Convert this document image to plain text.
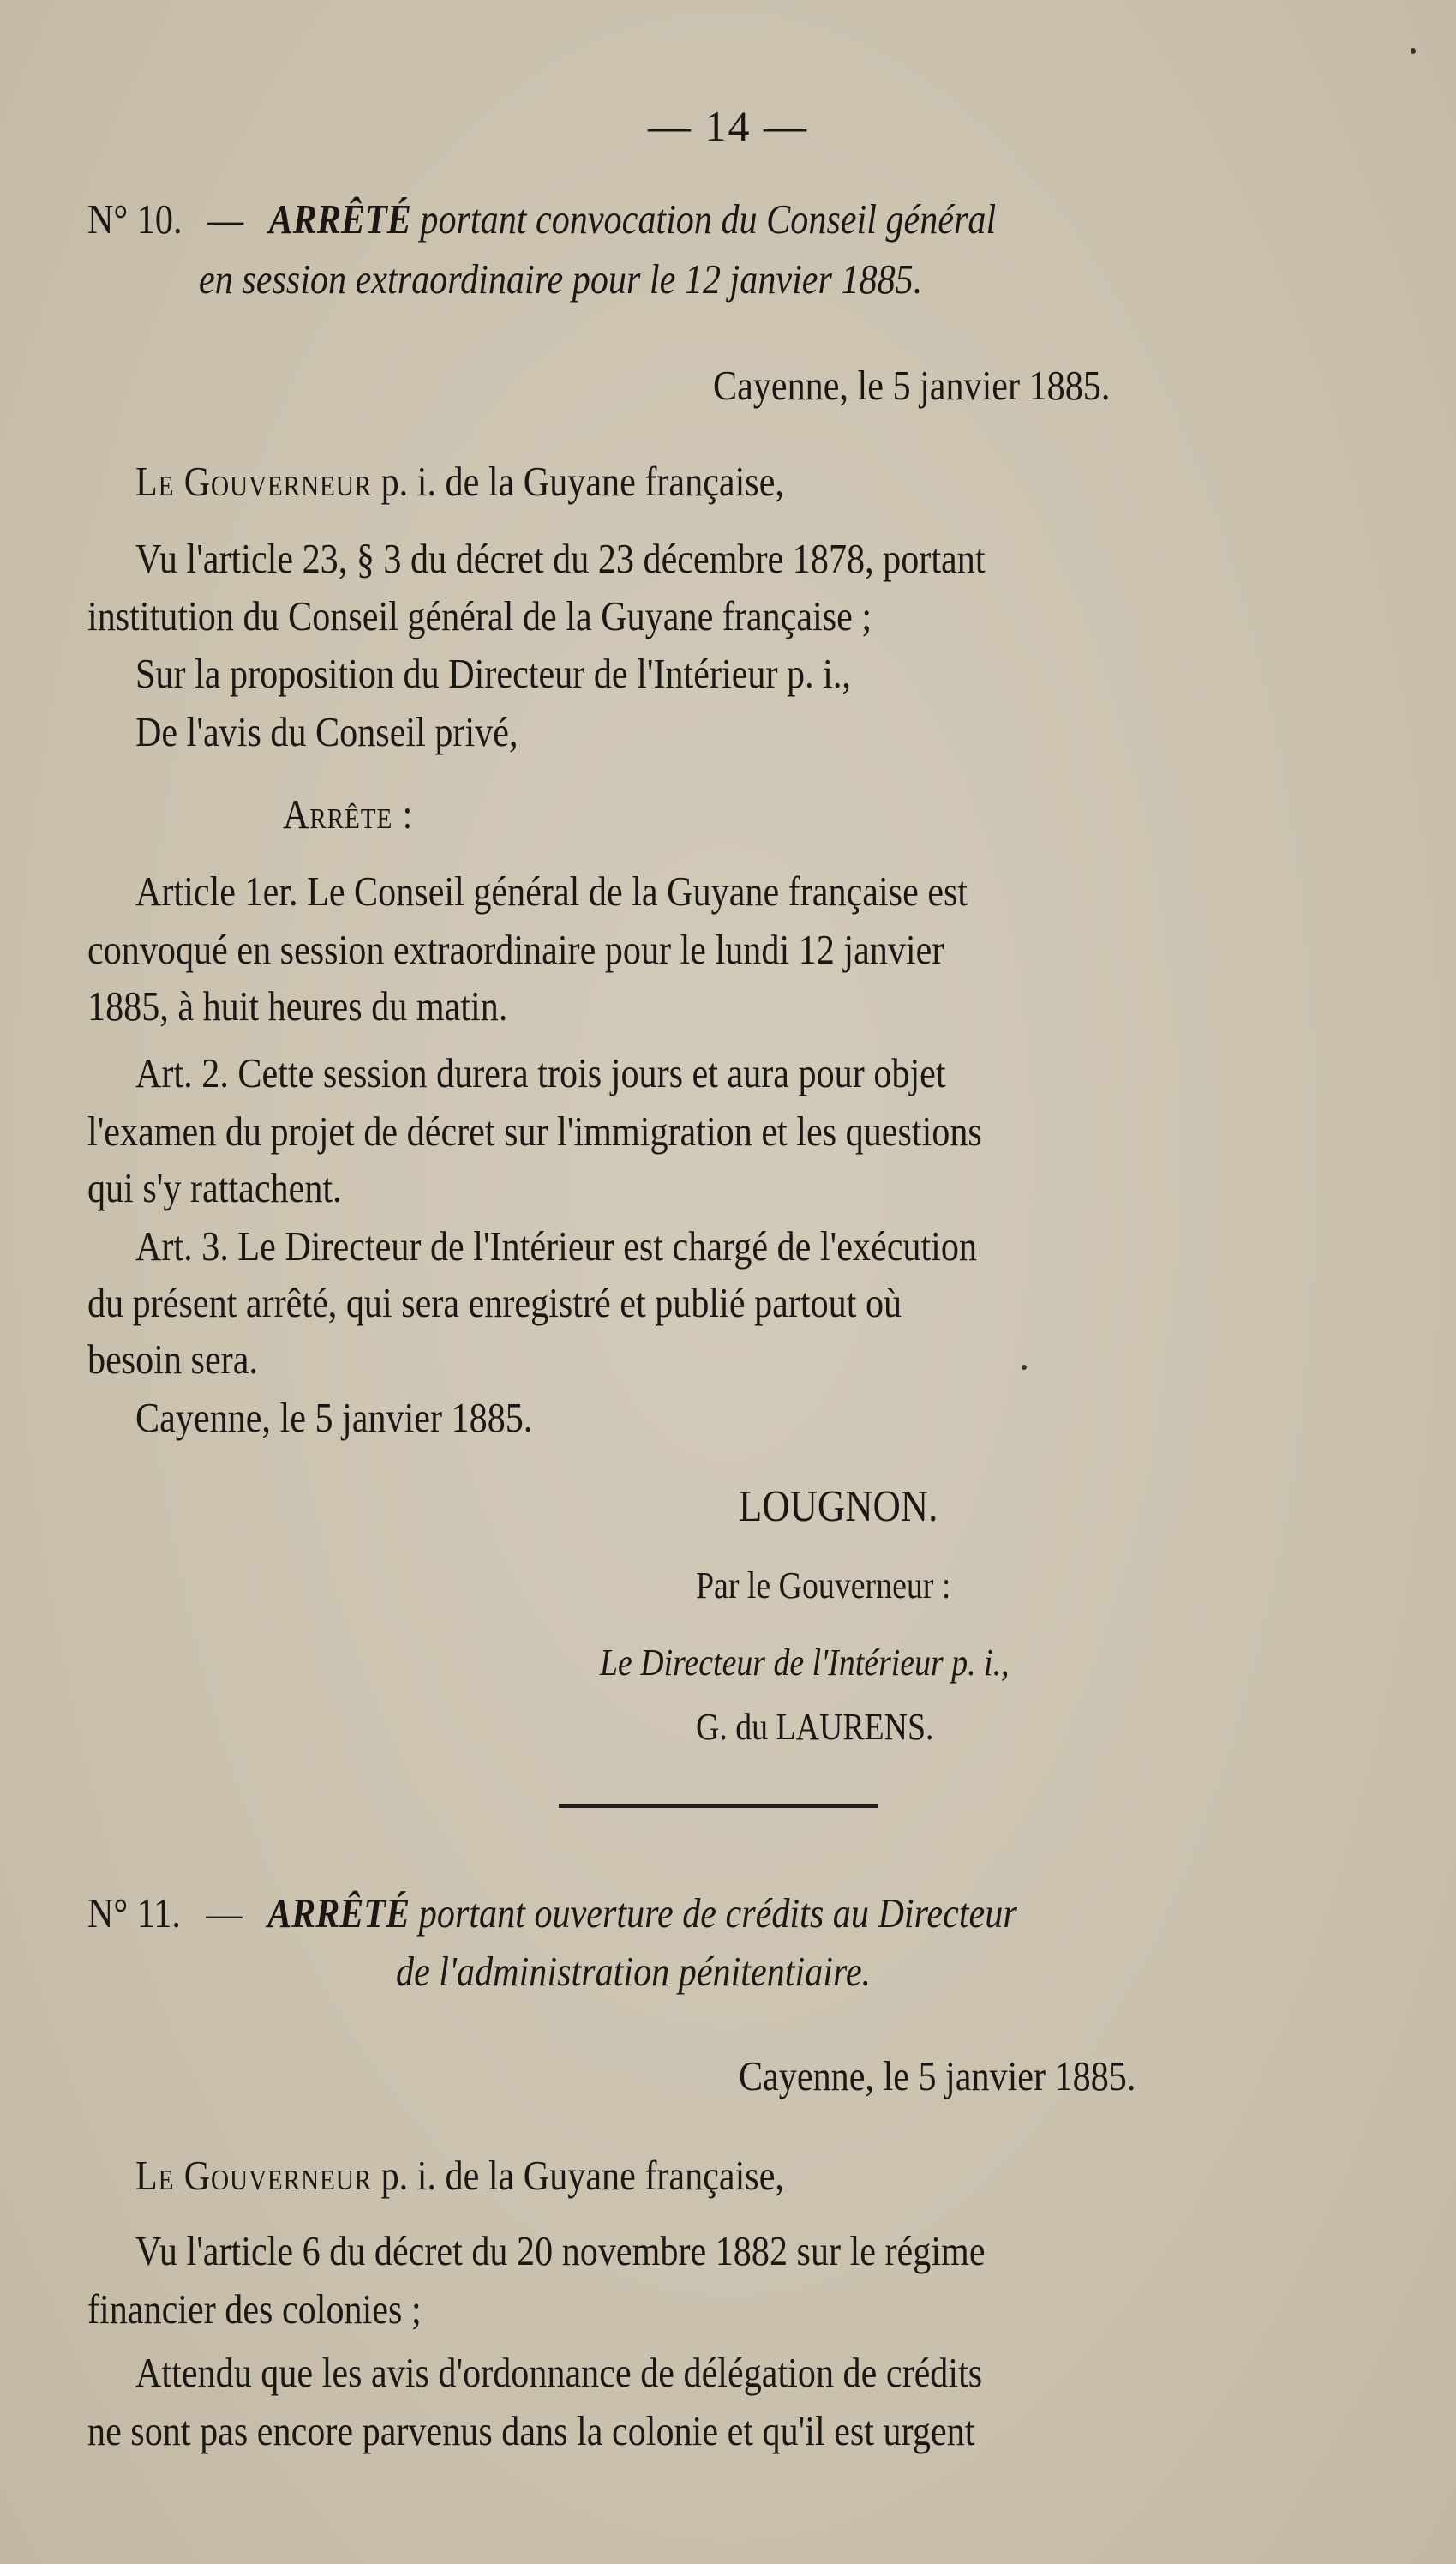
— 14 —
N° 10. — ARRÊTÉ portant convocation du Conseil général
en session extraordinaire pour le 12 janvier 1885.
Cayenne, le 5 janvier 1885.
Le Gouverneur p. i. de la Guyane française,
Vu l'article 23, § 3 du décret du 23 décembre 1878, portant
institution du Conseil général de la Guyane française ;
Sur la proposition du Directeur de l'Intérieur p. i.,
De l'avis du Conseil privé,
Arrête :
Article 1er. Le Conseil général de la Guyane française est
convoqué en session extraordinaire pour le lundi 12 janvier
1885, à huit heures du matin.
Art. 2. Cette session durera trois jours et aura pour objet
l'examen du projet de décret sur l'immigration et les questions
qui s'y rattachent.
Art. 3. Le Directeur de l'Intérieur est chargé de l'exécution
du présent arrêté, qui sera enregistré et publié partout où
besoin sera.
Cayenne, le 5 janvier 1885.
LOUGNON.
Par le Gouverneur :
Le Directeur de l'Intérieur p. i.,
G. du LAURENS.
N° 11. — ARRÊTÉ portant ouverture de crédits au Directeur
de l'administration pénitentiaire.
Cayenne, le 5 janvier 1885.
Le Gouverneur p. i. de la Guyane française,
Vu l'article 6 du décret du 20 novembre 1882 sur le régime
financier des colonies ;
Attendu que les avis d'ordonnance de délégation de crédits
ne sont pas encore parvenus dans la colonie et qu'il est urgent
